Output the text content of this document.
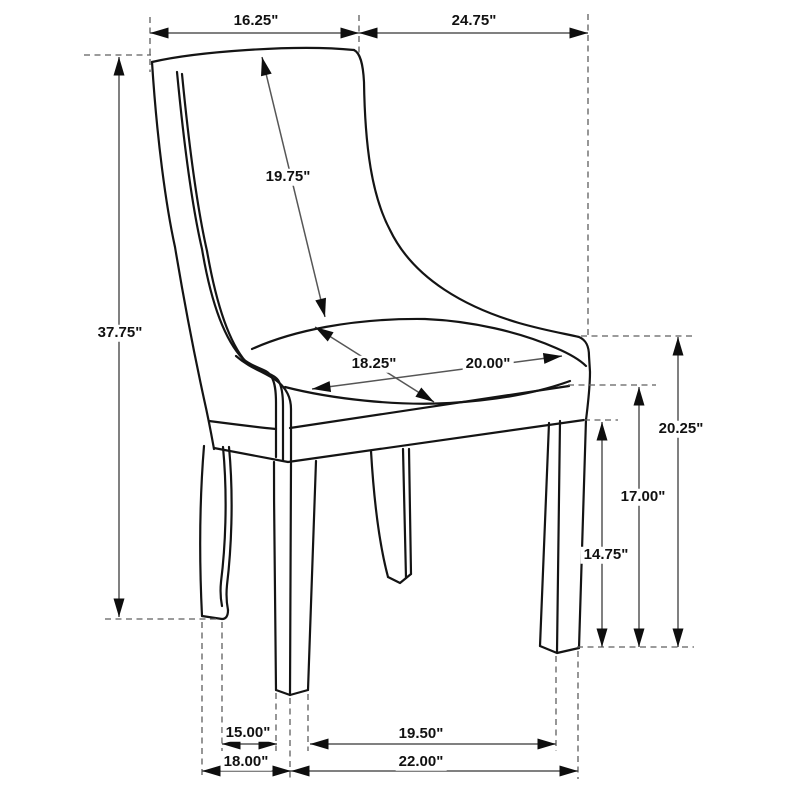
16.25"	24.75"
37.75"
19.75"
18.25"	20.00"
20.25"
17.00"
14.75"
15.00"	19.50"
18.00"	22.00"
